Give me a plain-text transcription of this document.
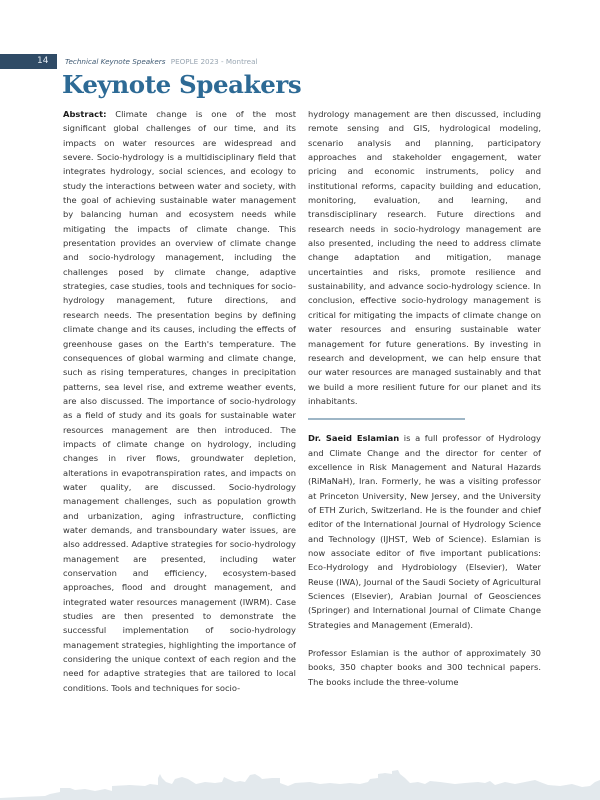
14	Technical Keynote Speakers PEOPLE 2023 - Montreal
Keynote Speakers

Abstract: Climate change is one of the most significant global challenges of our time, and its impacts on water resources are widespread and severe. Socio-hydrology is a multidisciplinary field that integrates hydrology, social sciences, and ecology to study the interactions between water and society, with the goal of achieving sustainable water management by balancing human and ecosystem needs while mitigating the impacts of climate change. This presentation provides an overview of climate change and socio-hydrology management, including the challenges posed by climate change, adaptive strategies, case studies, tools and techniques for socio-hydrology management, future directions, and research needs. The presentation begins by defining climate change and its causes, including the effects of greenhouse gases on the Earth's temperature. The consequences of global warming and climate change, such as rising temperatures, changes in precipitation patterns, sea level rise, and extreme weather events, are also discussed. The importance of socio-hydrology as a field of study and its goals for sustainable water resources management are then introduced. The impacts of climate change on hydrology, including changes in river flows, groundwater depletion, alterations in evapotranspiration rates, and impacts on water quality, are discussed. Socio-hydrology management challenges, such as population growth and urbanization, aging infrastructure, conflicting water demands, and transboundary water issues, are also addressed. Adaptive strategies for socio-hydrology management are presented, including water conservation and efficiency, ecosystem-based approaches, flood and drought management, and integrated water resources management (IWRM). Case studies are then presented to demonstrate the successful implementation of socio-hydrology management strategies, highlighting the importance of considering the unique context of each region and the need for adaptive strategies that are tailored to local conditions. Tools and techniques for socio-

hydrology management are then discussed, including remote sensing and GIS, hydrological modeling, scenario analysis and planning, participatory approaches and stakeholder engagement, water pricing and economic instruments, policy and institutional reforms, capacity building and education, monitoring, evaluation, and learning, and transdisciplinary research. Future directions and research needs in socio-hydrology management are also presented, including the need to address climate change adaptation and mitigation, manage uncertainties and risks, promote resilience and sustainability, and advance socio-hydrology science. In conclusion, effective socio-hydrology management is critical for mitigating the impacts of climate change on water resources and ensuring sustainable water management for future generations. By investing in research and development, we can help ensure that our water resources are managed sustainably and that we build a more resilient future for our planet and its inhabitants.

Dr. Saeid Eslamian is a full professor of Hydrology and Climate Change and the director for center of excellence in Risk Management and Natural Hazards (RiMaNaH), Iran. Formerly, he was a visiting professor at Princeton University, New Jersey, and the University of ETH Zurich, Switzerland. He is the founder and chief editor of the International Journal of Hydrology Science and Technology (IJHST, Web of Science). Eslamian is now associate editor of five important publications: Eco-Hydrology and Hydrobiology (Elsevier), Water Reuse (IWA), Journal of the Saudi Society of Agricultural Sciences (Elsevier), Arabian Journal of Geosciences (Springer) and International Journal of Climate Change Strategies and Management (Emerald).

Professor Eslamian is the author of approximately 30 books, 350 chapter books and 300 technical papers. The books include the three-volume
